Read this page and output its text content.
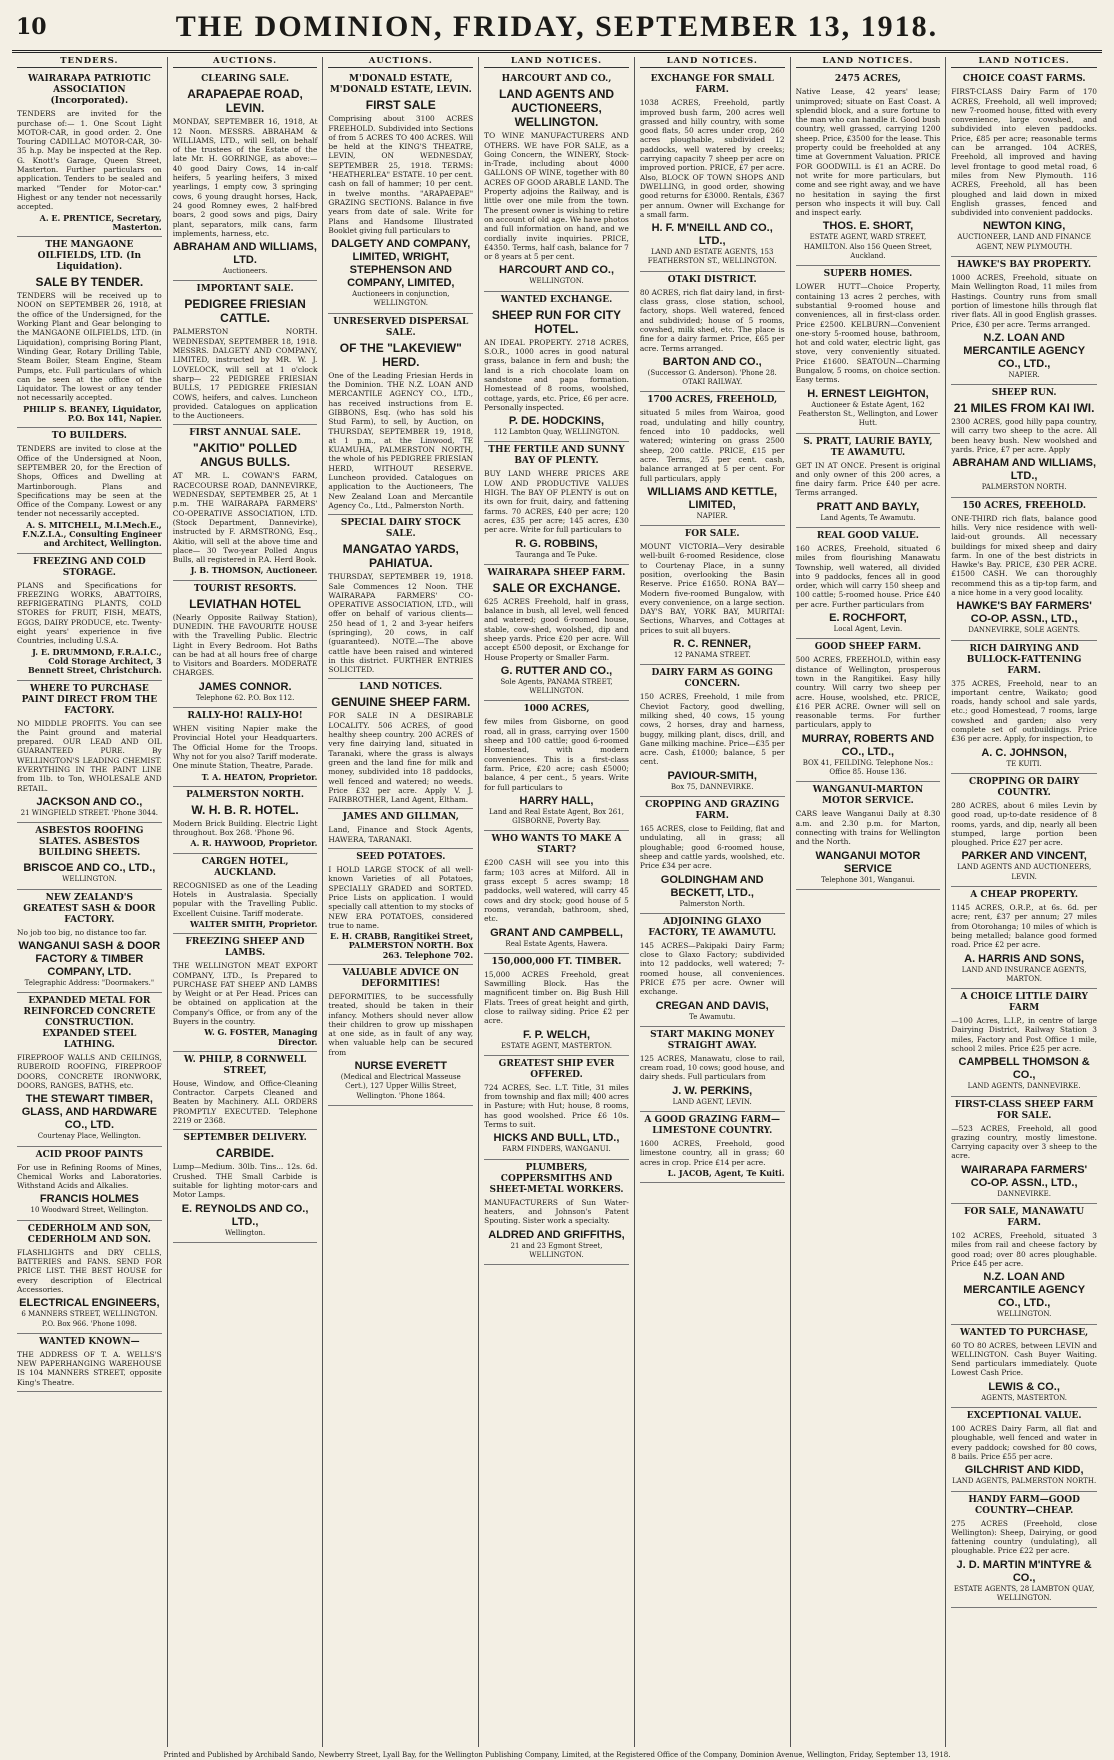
10	THE DOMINION, FRIDAY, SEPTEMBER 13, 1918.
TENDERS.
WAIRARAPA PATRIOTIC ASSOCIATION (Incorporated).
TENDERS are invited for the purchase of:— 1. One Scout Light MOTOR-CAR, in good order. 2. One Touring CADILLAC MOTOR-CAR, 30-35 h.p. May be inspected at the Rep. G. Knott's Garage, Queen Street, Masterton. Further particulars on application. Tenders to be sealed and marked "Tender for Motor-car." Highest or any tender not necessarily accepted.
A. E. PRENTICE, Secretary, Masterton.
THE MANGAONE OILFIELDS, LTD. (In Liquidation).
SALE BY TENDER.
TENDERS will be received up to NOON on SEPTEMBER 26, 1918, at the office of the Undersigned, for the Working Plant and Gear belonging to the MANGAONE OILFIELDS, LTD. (in Liquidation), comprising Boring Plant, Winding Gear, Rotary Drilling Table, Steam Boiler, Steam Engine, Steam Pumps, etc. Full particulars of which can be seen at the office of the Liquidator. The lowest or any tender not necessarily accepted.
PHILIP S. BEANEY, Liquidator, P.O. Box 141, Napier.
TO BUILDERS.
TENDERS are invited to close at the Office of the Undersigned at Noon, SEPTEMBER 20, for the Erection of Shops, Offices and Dwelling at Martinborough. Plans and Specifications may be seen at the Office of the Company. Lowest or any tender not necessarily accepted.
A. S. MITCHELL, M.I.Mech.E., F.N.Z.I.A., Consulting Engineer and Architect, Wellington.
FREEZING AND COLD STORAGE.
PLANS and Specifications for FREEZING WORKS, ABATTOIRS, REFRIGERATING PLANTS, COLD STORES for FRUIT, FISH, MEATS, EGGS, DAIRY PRODUCE, etc. Twenty-eight years' experience in five Countries, including U.S.A.
J. E. DRUMMOND, F.R.A.I.C., Cold Storage Architect, 3 Bennett Street, Christchurch.
WHERE TO PURCHASE PAINT DIRECT FROM THE FACTORY.
NO MIDDLE PROFITS. You can see the Paint ground and material prepared. OUR LEAD AND OIL GUARANTEED PURE. By WELLINGTON'S LEADING CHEMIST. EVERYTHING IN THE PAINT LINE from 1lb. to Ton, WHOLESALE AND RETAIL.
JACKSON AND CO.,
21 WINGFIELD STREET. 'Phone 3044.
ASBESTOS ROOFING SLATES. ASBESTOS BUILDING SHEETS.
BRISCOE AND CO., LTD.,
WELLINGTON.
NEW ZEALAND'S GREATEST SASH & DOOR FACTORY.
No job too big, no distance too far.
WANGANUI SASH & DOOR FACTORY & TIMBER COMPANY, LTD.
Telegraphic Address: "Doormakers."
EXPANDED METAL FOR REINFORCED CONCRETE CONSTRUCTION. EXPANDED STEEL LATHING.
FIREPROOF WALLS AND CEILINGS, RUBEROID ROOFING, FIREPROOF DOORS, CONCRETE IRONWORK, DOORS, RANGES, BATHS, etc.
THE STEWART TIMBER, GLASS, AND HARDWARE CO., LTD.
Courtenay Place, Wellington.
ACID PROOF PAINTS
For use in Refining Rooms of Mines, Chemical Works and Laboratories. Withstand Acids and Alkalies.
FRANCIS HOLMES
10 Woodward Street, Wellington.
CEDERHOLM AND SON, CEDERHOLM AND SON.
FLASHLIGHTS and DRY CELLS, BATTERIES and FANS. SEND FOR PRICE LIST. THE BEST HOUSE for every description of Electrical Accessories.
ELECTRICAL ENGINEERS,
6 MANNERS STREET, WELLINGTON. P.O. Box 966. 'Phone 1098.
WANTED KNOWN—
THE ADDRESS OF T. A. WELLS'S NEW PAPERHANGING WAREHOUSE IS 104 MANNERS STREET, opposite King's Theatre.
AUCTIONS.
CLEARING SALE.
ARAPAEPAE ROAD, LEVIN.
MONDAY, SEPTEMBER 16, 1918, At 12 Noon. MESSRS. ABRAHAM & WILLIAMS, LTD., will sell, on behalf of the trustees of the Estate of the late Mr. H. GORRINGE, as above:— 40 good Dairy Cows, 14 in-calf heifers, 5 yearling heifers, 3 mixed yearlings, 1 empty cow, 3 springing cows, 6 young draught horses, Hack, 24 good Romney ewes, 2 half-bred boars, 2 good sows and pigs, Dairy plant, separators, milk cans, farm implements, harness, etc.
ABRAHAM AND WILLIAMS, LTD.
Auctioneers.
IMPORTANT SALE.
PEDIGREE FRIESIAN CATTLE.
PALMERSTON NORTH. WEDNESDAY, SEPTEMBER 18, 1918. MESSRS. DALGETY AND COMPANY, LIMITED, instructed by MR. W. J. LOVELOCK, will sell at 1 o'clock sharp— 22 PEDIGREE FRIESIAN BULLS, 17 PEDIGREE FRIESIAN COWS, heifers, and calves. Luncheon provided. Catalogues on application to the Auctioneers.
FIRST ANNUAL SALE.
"AKITIO" POLLED ANGUS BULLS.
AT MR. L. COWAN'S FARM, RACECOURSE ROAD, DANNEVIRKE, WEDNESDAY, SEPTEMBER 25, At 1 p.m. THE WAIRARAPA FARMERS' CO-OPERATIVE ASSOCIATION, LTD. (Stock Department, Dannevirke), instructed by F. ARMSTRONG, Esq., Akitio, will sell at the above time and place— 30 Two-year Polled Angus Bulls, all registered in P.A. Herd Book.
J. B. THOMSON, Auctioneer.
TOURIST RESORTS.
LEVIATHAN HOTEL
(Nearly Opposite Railway Station), DUNEDIN. THE FAVOURITE HOUSE with the Travelling Public. Electric Light in Every Bedroom. Hot Baths can be had at all hours free of charge to Visitors and Boarders. MODERATE CHARGES.
JAMES CONNOR.
Telephone 62. P.O. Box 112.
RALLY-HO! RALLY-HO!
WHEN visiting Napier make the Provincial Hotel your Headquarters. The Official Home for the Troops. Why not for you also? Tariff moderate. One minute Station, Theatre, Parade.
T. A. HEATON, Proprietor.
PALMERSTON NORTH.
W. H. B. R. HOTEL.
Modern Brick Building. Electric Light throughout. Box 268. 'Phone 96.
A. R. HAYWOOD, Proprietor.
CARGEN HOTEL, AUCKLAND.
RECOGNISED as one of the Leading Hotels in Australasia. Specially popular with the Travelling Public. Excellent Cuisine. Tariff moderate.
WALTER SMITH, Proprietor.
FREEZING SHEEP AND LAMBS.
THE WELLINGTON MEAT EXPORT COMPANY, LTD., Is Prepared to PURCHASE FAT SHEEP AND LAMBS by Weight or at Per Head. Prices can be obtained on application at the Company's Office, or from any of the Buyers in the country.
W. G. FOSTER, Managing Director.
W. PHILP, 8 CORNWELL STREET,
House, Window, and Office-Cleaning Contractor. Carpets Cleaned and Beaten by Machinery. ALL ORDERS PROMPTLY EXECUTED. Telephone 2219 or 2368.
SEPTEMBER DELIVERY.
CARBIDE.
Lump—Medium. 30lb. Tins... 12s. 6d. Crushed. THE Small Carbide is suitable for lighting motor-cars and Motor Lamps.
E. REYNOLDS AND CO., LTD.,
Wellington.
AUCTIONS.
M'DONALD ESTATE, M'DONALD ESTATE, LEVIN.
FIRST SALE
Comprising about 3100 ACRES FREEHOLD. Subdivided into Sections of from 5 ACRES TO 400 ACRES. Will be held at the KING'S THEATRE, LEVIN, ON WEDNESDAY, SEPTEMBER 25, 1918. TERMS: "HEATHERLEA" ESTATE. 10 per cent. cash on fall of hammer; 10 per cent. in twelve months. "ARAPAEPAE" GRAZING SECTIONS. Balance in five years from date of sale. Write for Plans and Handsome Illustrated Booklet giving full particulars to
DALGETY AND COMPANY, LIMITED, WRIGHT, STEPHENSON AND COMPANY, LIMITED,
Auctioneers in conjunction, WELLINGTON.
UNRESERVED DISPERSAL SALE.
OF THE "LAKEVIEW" HERD.
One of the Leading Friesian Herds in the Dominion. THE N.Z. LOAN AND MERCANTILE AGENCY CO., LTD., has received instructions from E. GIBBONS, Esq. (who has sold his Stud Farm), to sell, by Auction, on THURSDAY, SEPTEMBER 19, 1918, at 1 p.m., at the Linwood, TE KUAMUHA, PALMERSTON NORTH, the whole of his PEDIGREE FRIESIAN HERD, WITHOUT RESERVE. Luncheon provided. Catalogues on application to the Auctioneers, The New Zealand Loan and Mercantile Agency Co., Ltd., Palmerston North.
SPECIAL DAIRY STOCK SALE.
MANGATAO YARDS, PAHIATUA.
THURSDAY, SEPTEMBER 19, 1918. Sale Commences 12 Noon. THE WAIRARAPA FARMERS' CO-OPERATIVE ASSOCIATION, LTD., will offer on behalf of various clients— 250 head of 1, 2 and 3-year heifers (springing), 20 cows, in calf (guaranteed). NOTE.—The above cattle have been raised and wintered in this district. FURTHER ENTRIES SOLICITED.
LAND NOTICES.
GENUINE SHEEP FARM.
FOR SALE IN A DESIRABLE LOCALITY. 506 ACRES, of good healthy sheep country. 200 ACRES of very fine dairying land, situated in Taranaki, where the grass is always green and the land fine for milk and money, subdivided into 18 paddocks, well fenced and watered; no weeds. Price £32 per acre. Apply V. J. FAIRBROTHER, Land Agent, Eltham.
JAMES AND GILLMAN,
Land, Finance and Stock Agents, HAWERA, TARANAKI.
SEED POTATOES.
I HOLD LARGE STOCK of all well-known Varieties of all Potatoes, SPECIALLY GRADED and SORTED. Price Lists on application. I would specially call attention to my stocks of NEW ERA POTATOES, considered true to name.
E. H. CRABB, Rangitikei Street, PALMERSTON NORTH. Box 263. Telephone 702.
VALUABLE ADVICE ON DEFORMITIES!
DEFORMITIES, to be successfully treated, should be taken in their infancy. Mothers should never allow their children to grow up misshapen at one side, as in fault of any way, when valuable help can be secured from
NURSE EVERETT
(Medical and Electrical Masseuse Cert.), 127 Upper Willis Street, Wellington. 'Phone 1864.
LAND NOTICES.
HARCOURT AND CO.,
LAND AGENTS AND AUCTIONEERS, WELLINGTON.
TO WINE MANUFACTURERS AND OTHERS. WE have FOR SALE, as a Going Concern, the WINERY, Stock-in-Trade, including about 4000 GALLONS OF WINE, together with 80 ACRES OF GOOD ARABLE LAND. The Property adjoins the Railway, and is little over one mile from the town. The present owner is wishing to retire on account of old age. We have photos and full information on hand, and we cordially invite inquiries. PRICE, £4350. Terms, half cash, balance for 7 or 8 years at 5 per cent.
HARCOURT AND CO.,
WELLINGTON.
WANTED EXCHANGE.
SHEEP RUN FOR CITY HOTEL.
AN IDEAL PROPERTY. 2718 ACRES, S.O.R., 1000 acres in good natural grass, balance in fern and bush; the land is a rich chocolate loam on sandstone and papa formation. Homestead of 8 rooms, woolshed, cottage, yards, etc. Price, £6 per acre. Personally inspected.
P. DE. HODCKINS,
112 Lambton Quay, WELLINGTON.
THE FERTILE AND SUNNY BAY OF PLENTY.
BUY LAND WHERE PRICES ARE LOW AND PRODUCTIVE VALUES HIGH. The BAY OF PLENTY is out on its own for fruit, dairy, and fattening farms. 70 ACRES, £40 per acre; 120 acres, £35 per acre; 145 acres, £30 per acre. Write for full particulars to
R. G. ROBBINS,
Tauranga and Te Puke.
WAIRARAPA SHEEP FARM.
SALE OR EXCHANGE.
625 ACRES Freehold, half in grass, balance in bush, all level, well fenced and watered; good 6-roomed house, stable, cow-shed, woolshed, dip and sheep yards. Price £20 per acre. Will accept £500 deposit, or Exchange for House Property or Smaller Farm.
G. RUTTER AND CO.,
Sole Agents, PANAMA STREET, WELLINGTON.
1000 ACRES,
few miles from Gisborne, on good road, all in grass, carrying over 1500 sheep and 100 cattle; good 6-roomed Homestead, with modern conveniences. This is a first-class farm. Price, £20 acre; cash £5000; balance, 4 per cent., 5 years. Write for full particulars to
HARRY HALL,
Land and Real Estate Agent, Box 261, GISBORNE, Poverty Bay.
WHO WANTS TO MAKE A START?
£200 CASH will see you into this farm; 103 acres at Milford. All in grass except 5 acres swamp; 18 paddocks, well watered, will carry 45 cows and dry stock; good house of 5 rooms, verandah, bathroom, shed, etc.
GRANT AND CAMPBELL,
Real Estate Agents, Hawera.
150,000,000 FT. TIMBER.
15,000 ACRES Freehold, great Sawmilling Block. Has the magnificent timber on. Big Bush Hill Flats. Trees of great height and girth, close to railway siding. Price £2 per acre.
F. P. WELCH,
ESTATE AGENT, MASTERTON.
GREATEST SHIP EVER OFFERED.
724 ACRES, Sec. L.T. Title, 31 miles from township and flax mill; 400 acres in Pasture; with Hut; house, 8 rooms, has good woolshed. Price £6 10s. Terms to suit.
HICKS AND BULL, LTD.,
FARM FINDERS, WANGANUI.
PLUMBERS, COPPERSMITHS AND SHEET-METAL WORKERS.
MANUFACTURERS of Sun Water-heaters, and Johnson's Patent Spouting. Sister work a specialty.
ALDRED AND GRIFFITHS,
21 and 23 Egmont Street, WELLINGTON.
LAND NOTICES.
EXCHANGE FOR SMALL FARM.
1038 ACRES, Freehold, partly improved bush farm, 200 acres well grassed and hilly country, with some good flats, 50 acres under crop, 260 acres ploughable, subdivided 12 paddocks, well watered by creeks; carrying capacity 7 sheep per acre on improved portion. PRICE, £7 per acre. Also, BLOCK OF TOWN SHOPS AND DWELLING, in good order, showing good returns for £3000. Rentals, £367 per annum. Owner will Exchange for a small farm.
H. F. M'NEILL AND CO., LTD.,
LAND AND ESTATE AGENTS, 153 FEATHERSTON ST., WELLINGTON.
OTAKI DISTRICT.
80 ACRES, rich flat dairy land, in first-class grass, close station, school, factory, shops. Well watered, fenced and subdivided; house of 5 rooms, cowshed, milk shed, etc. The place is fine for a dairy farmer. Price, £65 per acre. Terms arranged.
BARTON AND CO.,
(Successor G. Anderson). 'Phone 28. OTAKI RAILWAY.
1700 ACRES, FREEHOLD,
situated 5 miles from Wairoa, good road, undulating and hilly country, fenced into 10 paddocks, well watered; wintering on grass 2500 sheep, 200 cattle. PRICE, £15 per acre. Terms, 25 per cent. cash, balance arranged at 5 per cent. For full particulars, apply
WILLIAMS AND KETTLE, LIMITED,
NAPIER.
FOR SALE.
MOUNT VICTORIA—Very desirable well-built 6-roomed Residence, close to Courtenay Place, in a sunny position, overlooking the Basin Reserve. Price £1650. RONA BAY—Modern five-roomed Bungalow, with every convenience, on a large section. DAY'S BAY, YORK BAY, MURITAI: Sections, Wharves, and Cottages at prices to suit all buyers.
R. C. RENNER,
12 PANAMA STREET.
DAIRY FARM AS GOING CONCERN.
150 ACRES, Freehold, 1 mile from Cheviot Factory, good dwelling, milking shed, 40 cows, 15 young cows, 2 horses, dray and harness, buggy, milking plant, discs, drill, and Gane milking machine. Price—£35 per acre. Cash, £1000; balance, 5 per cent.
PAVIOUR-SMITH,
Box 75, DANNEVIRKE.
CROPPING AND GRAZING FARM.
165 ACRES, close to Feilding, flat and undulating, all in grass; all ploughable; good 6-roomed house, sheep and cattle yards, woolshed, etc. Price £34 per acre.
GOLDINGHAM AND BECKETT, LTD.,
Palmerston North.
ADJOINING GLAXO FACTORY, TE AWAMUTU.
145 ACRES—Pakipaki Dairy Farm; close to Glaxo Factory; subdivided into 12 paddocks, well watered; 7-roomed house, all conveniences. PRICE £75 per acre. Owner will exchange.
CREGAN AND DAVIS,
Te Awamutu.
START MAKING MONEY STRAIGHT AWAY.
125 ACRES, Manawatu, close to rail, cream road, 10 cows; good house, and dairy sheds. Full particulars from
J. W. PERKINS,
LAND AGENT, LEVIN.
A GOOD GRAZING FARM—LIMESTONE COUNTRY.
1600 ACRES, Freehold, good limestone country, all in grass; 60 acres in crop. Price £14 per acre.
L. JACOB, Agent, Te Kuiti.
LAND NOTICES.
2475 ACRES,
Native Lease, 42 years' lease; unimproved; situate on East Coast. A splendid block, and a sure fortune to the man who can handle it. Good bush country, well grassed, carrying 1200 sheep. Price, £3500 for the lease. This property could be freeholded at any time at Government Valuation. PRICE FOR GOODWILL is £1 an ACRE. Do not write for more particulars, but come and see right away, and we have no hesitation in saying the first person who inspects it will buy. Call and inspect early.
THOS. E. SHORT,
ESTATE AGENT, WARD STREET, HAMILTON. Also 156 Queen Street, Auckland.
SUPERB HOMES.
LOWER HUTT—Choice Property, containing 13 acres 2 perches, with substantial 9-roomed house and conveniences, all in first-class order. Price £2500. KELBURN—Convenient one-story 5-roomed house, bathroom, hot and cold water, electric light, gas stove, very conveniently situated. Price £1600. SEATOUN—Charming Bungalow, 5 rooms, on choice section. Easy terms.
H. ERNEST LEIGHTON,
Auctioneer & Estate Agent, 162 Featherston St., Wellington, and Lower Hutt.
S. PRATT, LAURIE BAYLY, TE AWAMUTU.
GET IN AT ONCE. Present is original and only owner of this 200 acres, a fine dairy farm. Price £40 per acre. Terms arranged.
PRATT AND BAYLY,
Land Agents, Te Awamutu.
REAL GOOD VALUE.
160 ACRES, Freehold, situated 6 miles from flourishing Manawatu Township, well watered, all divided into 9 paddocks, fences all in good order, which will carry 150 sheep and 100 cattle; 5-roomed house. Price £40 per acre. Further particulars from
E. ROCHFORT,
Local Agent, Levin.
GOOD SHEEP FARM.
500 ACRES, FREEHOLD, within easy distance of Wellington, prosperous town in the Rangitikei. Easy hilly country. Will carry two sheep per acre. House, woolshed, etc. PRICE, £16 PER ACRE. Owner will sell on reasonable terms. For further particulars, apply to
MURRAY, ROBERTS AND CO., LTD.,
BOX 41, FEILDING. Telephone Nos.: Office 85. House 136.
WANGANUI-MARTON MOTOR SERVICE.
CARS leave Wanganui Daily at 8.30 a.m. and 2.30 p.m. for Marton, connecting with trains for Wellington and the North.
WANGANUI MOTOR SERVICE
Telephone 301, Wanganui.
LAND NOTICES.
CHOICE COAST FARMS.
FIRST-CLASS Dairy Farm of 170 ACRES, Freehold, all well improved; new 7-roomed house, fitted with every convenience, large cowshed, and subdivided into eleven paddocks. Price, £85 per acre; reasonable terms can be arranged. 104 ACRES, Freehold, all improved and having level frontage to good metal road, 6 miles from New Plymouth. 116 ACRES, Freehold, all has been ploughed and laid down in mixed English grasses, fenced and subdivided into convenient paddocks.
NEWTON KING,
AUCTIONEER, LAND AND FINANCE AGENT, NEW PLYMOUTH.
HAWKE'S BAY PROPERTY.
1000 ACRES, Freehold, situate on Main Wellington Road, 11 miles from Hastings. Country runs from small portion of limestone hills through flat river flats. All in good English grasses. Price, £30 per acre. Terms arranged.
N.Z. LOAN AND MERCANTILE AGENCY CO., LTD.,
NAPIER.
SHEEP RUN.
21 MILES FROM KAI IWI.
2300 ACRES, good hilly papa country, will carry two sheep to the acre. All been heavy bush. New woolshed and yards. Price, £7 per acre. Apply
ABRAHAM AND WILLIAMS, LTD.,
PALMERSTON NORTH.
150 ACRES, FREEHOLD.
ONE-THIRD rich flats, balance good hills. Very nice residence with well-laid-out grounds. All necessary buildings for mixed sheep and dairy farm. In one of the best districts in Hawke's Bay. PRICE, £30 PER ACRE. £1500 CASH. We can thoroughly recommend this as a tip-top farm, and a nice home in a very good locality.
HAWKE'S BAY FARMERS' CO-OP. ASSN., LTD.,
DANNEVIRKE, SOLE AGENTS.
RICH DAIRYING AND BULLOCK-FATTENING FARM.
375 ACRES, Freehold, near to an important centre, Waikato; good roads, handy school and sale yards, etc.; good Homestead, 7 rooms, large cowshed and garden; also very complete set of outbuildings. Price £36 per acre. Apply, for inspection, to
A. C. JOHNSON,
TE KUITI.
CROPPING OR DAIRY COUNTRY.
280 ACRES, about 6 miles Levin by good road, up-to-date residence of 8 rooms, yards, and dip, nearly all been stumped, large portion been ploughed. Price £27 per acre.
PARKER AND VINCENT,
LAND AGENTS AND AUCTIONEERS, LEVIN.
A CHEAP PROPERTY.
1145 ACRES, O.R.P., at 6s. 6d. per acre; rent, £37 per annum; 27 miles from Otorohanga; 10 miles of which is being metalled; balance good formed road. Price £2 per acre.
A. HARRIS AND SONS,
LAND AND INSURANCE AGENTS, MARTON.
A CHOICE LITTLE DAIRY FARM
—100 Acres, L.I.P., in centre of large Dairying District, Railway Station 3 miles, Factory and Post Office 1 mile, school 2 miles. Price £25 per acre.
CAMPBELL THOMSON & CO.,
LAND AGENTS, DANNEVIRKE.
FIRST-CLASS SHEEP FARM FOR SALE.
—523 ACRES, Freehold, all good grazing country, mostly limestone. Carrying capacity over 3 sheep to the acre.
WAIRARAPA FARMERS' CO-OP. ASSN., LTD.,
DANNEVIRKE.
FOR SALE, MANAWATU FARM.
102 ACRES, Freehold, situated 3 miles from rail and cheese factory by good road; over 80 acres ploughable. Price £45 per acre.
N.Z. LOAN AND MERCANTILE AGENCY CO., LTD.,
WELLINGTON.
WANTED TO PURCHASE,
60 TO 80 ACRES, between LEVIN and WELLINGTON. Cash Buyer Waiting. Send particulars immediately. Quote Lowest Cash Price.
LEWIS & CO.,
AGENTS, MASTERTON.
EXCEPTIONAL VALUE.
100 ACRES Dairy Farm, all flat and ploughable, well fenced and water in every paddock; cowshed for 80 cows, 8 bails. Price £55 per acre.
GILCHRIST AND KIDD,
LAND AGENTS, PALMERSTON NORTH.
HANDY FARM—GOOD COUNTRY—CHEAP.
275 ACRES (Freehold, close Wellington): Sheep, Dairying, or good fattening country (undulating), all ploughable. Price £22 per acre.
J. D. MARTIN M'INTYRE & CO.,
ESTATE AGENTS, 28 LAMBTON QUAY, WELLINGTON.
Printed and Published by Archibald Sando, Newberry Street, Lyall Bay, for the Wellington Publishing Company, Limited, at the Registered Office of the Company, Dominion Avenue, Wellington, Friday, September 13, 1918.
